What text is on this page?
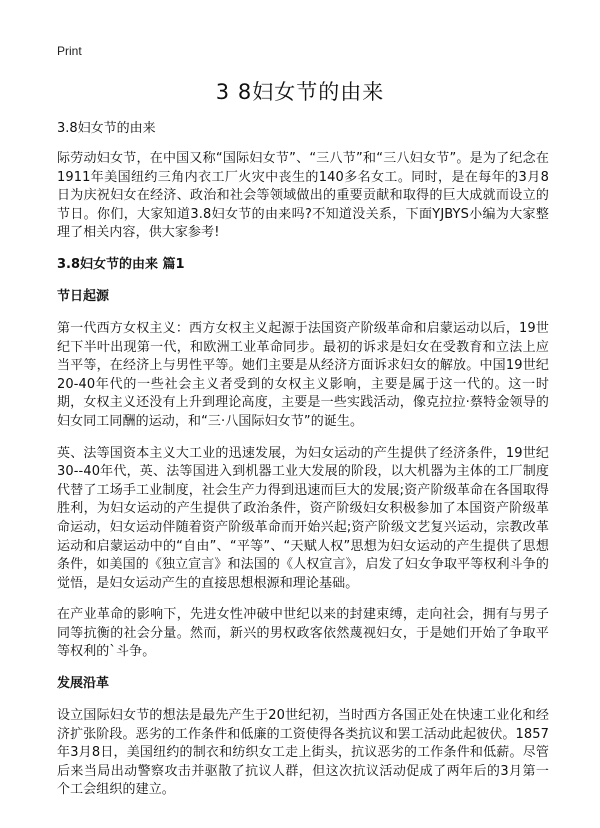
Print
3 8妇女节的由来
3.8妇女节的由来

际劳动妇女节，在中国又称“国际妇女节”、“三八节”和“三八妇女节”。是为了纪念在1911年美国纽约三角内衣工厂火灾中丧生的140多名女工。同时，是在每年的3月8日为庆祝妇女在经济、政治和社会等领域做出的重要贡献和取得的巨大成就而设立的节日。你们，大家知道3.8妇女节的由来吗?不知道没关系，下面YJBYS小编为大家整理了相关内容，供大家参考!

3.8妇女节的由来 篇1
节日起源

第一代西方女权主义：西方女权主义起源于法国资产阶级革命和启蒙运动以后，19世纪下半叶出现第一代，和欧洲工业革命同步。最初的诉求是妇女在受教育和立法上应当平等，在经济上与男性平等。她们主要是从经济方面诉求妇女的解放。中国19世纪20-40年代的一些社会主义者受到的女权主义影响，主要是属于这一代的。这一时期，女权主义还没有上升到理论高度，主要是一些实践活动，像克拉拉·蔡特金领导的妇女同工同酬的运动，和“三·八国际妇女节”的诞生。

英、法等国资本主义大工业的迅速发展，为妇女运动的产生提供了经济条件，19世纪30--40年代，英、法等国进入到机器工业大发展的阶段，以大机器为主体的工厂制度代替了工场手工业制度，社会生产力得到迅速而巨大的发展;资产阶级革命在各国取得胜利，为妇女运动的产生提供了政治条件，资产阶级妇女积极参加了本国资产阶级革命运动，妇女运动伴随着资产阶级革命而开始兴起;资产阶级文艺复兴运动，宗教改革运动和启蒙运动中的“自由”、“平等”、“天赋人权”思想为妇女运动的产生提供了思想条件，如美国的《独立宣言》和法国的《人权宣言》，启发了妇女争取平等权利斗争的觉悟，是妇女运动产生的直接思想根源和理论基础。

在产业革命的影响下，先进女性冲破中世纪以来的封建束缚，走向社会，拥有与男子同等抗衡的社会分量。然而，新兴的男权政客依然蔑视妇女，于是她们开始了争取平等权利的`斗争。

发展沿革

设立国际妇女节的想法是最先产生于20世纪初，当时西方各国正处在快速工业化和经济扩张阶段。恶劣的工作条件和低廉的工资使得各类抗议和罢工活动此起彼伏。1857年3月8日，美国纽约的制衣和纺织女工走上街头，抗议恶劣的工作条件和低薪。尽管后来当局出动警察攻击并驱散了抗议人群，但这次抗议活动促成了两年后的3月第一个工会组织的建立。
